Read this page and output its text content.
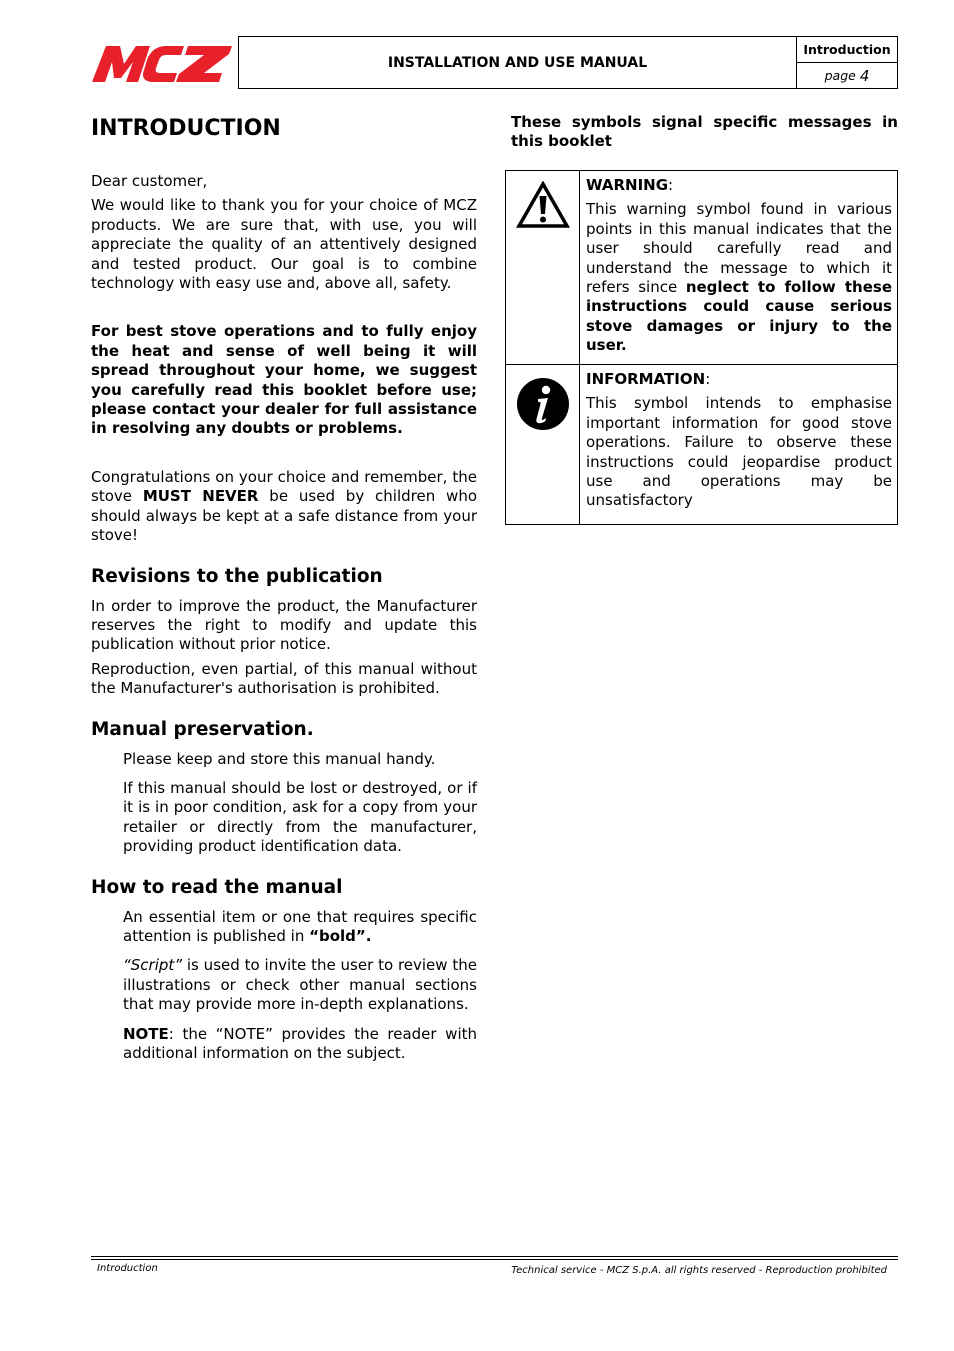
MCZ
INSTALLATION AND USE MANUAL
Introduction
page 4
INTRODUCTION

Dear customer,

We would like to thank you for your choice of MCZ products. We are sure that, with use, you will appreciate the quality of an attentively designed and tested product. Our goal is to combine technology with easy use and, above all, safety.

For best stove operations and to fully enjoy the heat and sense of well being it will spread throughout your home, we suggest you carefully read this booklet before use; please contact your dealer for full assistance in resolving any doubts or problems.

Congratulations on your choice and remember, the stove MUST NEVER be used by children who should always be kept at a safe distance from your stove!

Revisions to the publication

In order to improve the product, the Manufacturer reserves the right to modify and update this publication without prior notice.

Reproduction, even partial, of this manual without the Manufacturer's authorisation is prohibited.

Manual preservation.

Please keep and store this manual handy.

If this manual should be lost or destroyed, or if it is in poor condition, ask for a copy from your retailer or directly from the manufacturer, providing product identification data.

How to read the manual

An essential item or one that requires specific attention is published in “bold”.

“Script” is used to invite the user to review the illustrations or check other manual sections that may provide more in-depth explanations.

NOTE: the “NOTE” provides the reader with additional information on the subject.

These symbols signal specific messages in this booklet

WARNING:

This warning symbol found in various points in this manual indicates that the user should carefully read and understand the message to which it refers since neglect to follow these instructions could cause serious stove damages or injury to the user.

INFORMATION:

This symbol intends to emphasise important information for good stove operations. Failure to observe these instructions could jeopardise product use and operations may be unsatisfactory

Introduction	Technical service - MCZ S.p.A. all rights reserved - Reproduction prohibited
